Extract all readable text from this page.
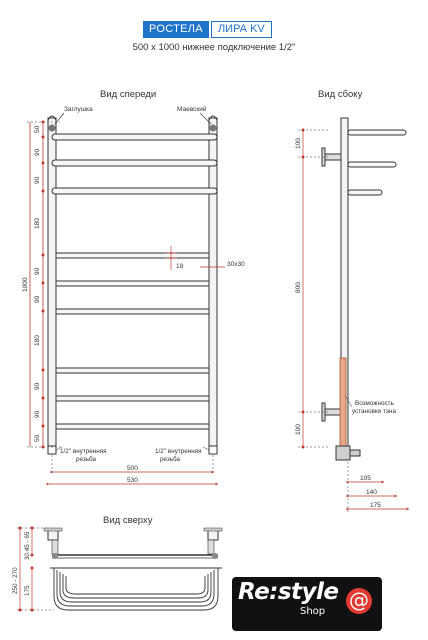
РОСТЕЛА	ЛИРА KV
500 х 1000 нижнее подключение 1/2"
Вид спереди	Вид сбоку
Вид сверху
50
90
90
180
90
90
180
90
90
50
1000
Заглушка	Маевский
18	30х30
1/2'' внутренняя
резьба
1/2'' внутренняя
резьба
500
530
100
800
100
Возможность
установки тэна
105
140
175
250 - 270
30.45 - 65
175	Re:style
Shop @
